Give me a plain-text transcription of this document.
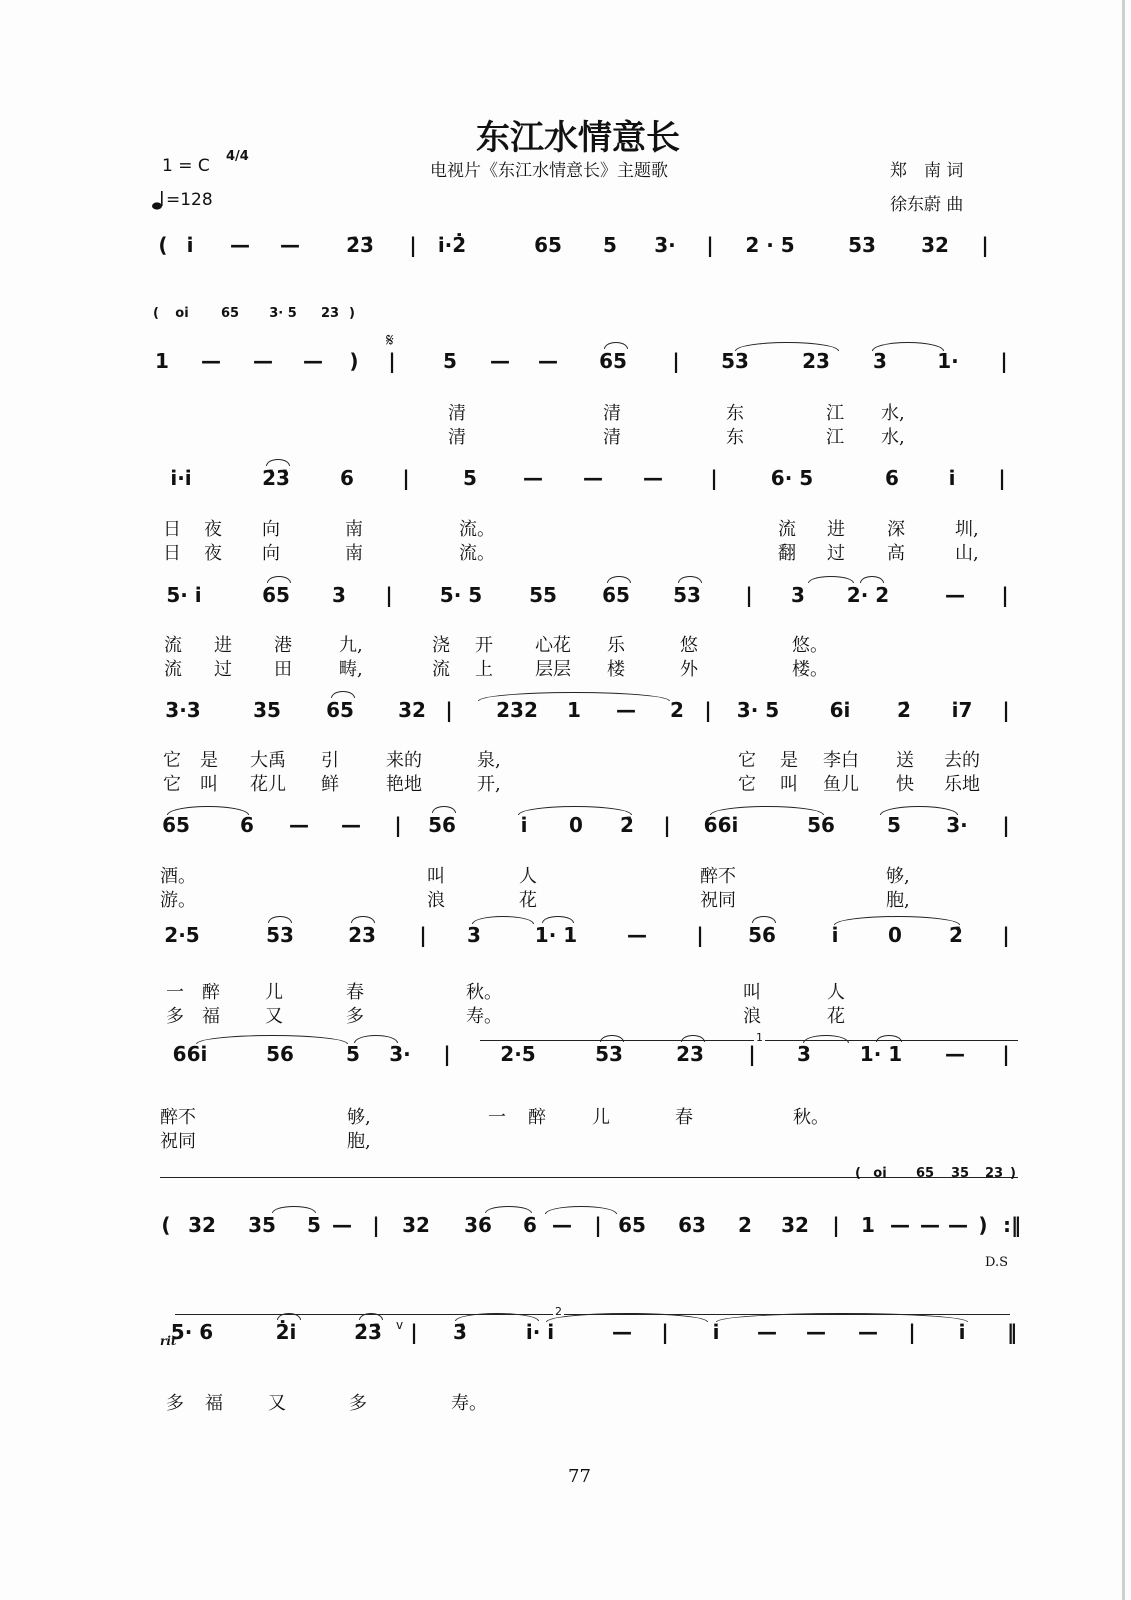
东江水情意长
1 = C 4/4
=128
电视片《东江水情意长》主题歌	郑　南 词
徐东蔚 曲
𝄋
D.S
rit
v
1
2
( i̇	—	—	2̇3̇	|	i̇·2̇	65	5	3·	|	2 · 5	53	32	|
(	oi̇	65	3· 5	23 )
1	—	—	—	)	|	5	—	—	65	|	53	23	3	1·	|
i̇·i̇	2̇3̇	6	|	5	—	—	—	|	6· 5	6	i̇	|
5· i̇	65	3	|	5· 5	55	65	53	|	3	2· 2	—	|
3·3	35	65	32 |	232	1	—	2	|	3· 5	6i̇	2̇	i̇7	|
65	6	—	—	|	56	i̇	0	2̇	|	66i̇	56	5	3·	|
2·5	53	23	|	3	1· 1	—	|	56	i̇	0	2̇	|
66i̇	56	5	3·	|	2·5	53	23	|	3	1· 1	—	|
( oi̇	65	35	23 )
( 32	35	5 —	|	32	36	6 —	| 65	63	2	32	|	1 — — — ) :‖
5· 6	2̇i̇	2̇3̇	|	3̇	i̇· i̇	—	|	i̇	—	—	—	|	i̇	‖
清	清	东	江 水,
清	清	东	江 水,
日 夜 向	南	流。	流 进 深	圳,
日 夜 向	南	流。	翻 过 高	山,
流 进 港	九,	浇 开 心花 乐	悠	悠。
流 过 田	畴,	流 上 层层 楼	外	楼。
它 是 大禹 引	来的	泉,	它 是 李白 送 去的
它 叫 花儿 鲜	艳地	开,	它 叫 鱼儿 快 乐地
酒。	叫	人	醉不	够,
游。	浪	花	祝同	胞,
一 醉	儿	春	秋。	叫	人
多 福	又	多	寿。	浪	花
醉不	够,	一 醉	儿	春	秋。
祝同	胞,
多 福	又	多	寿。
77
